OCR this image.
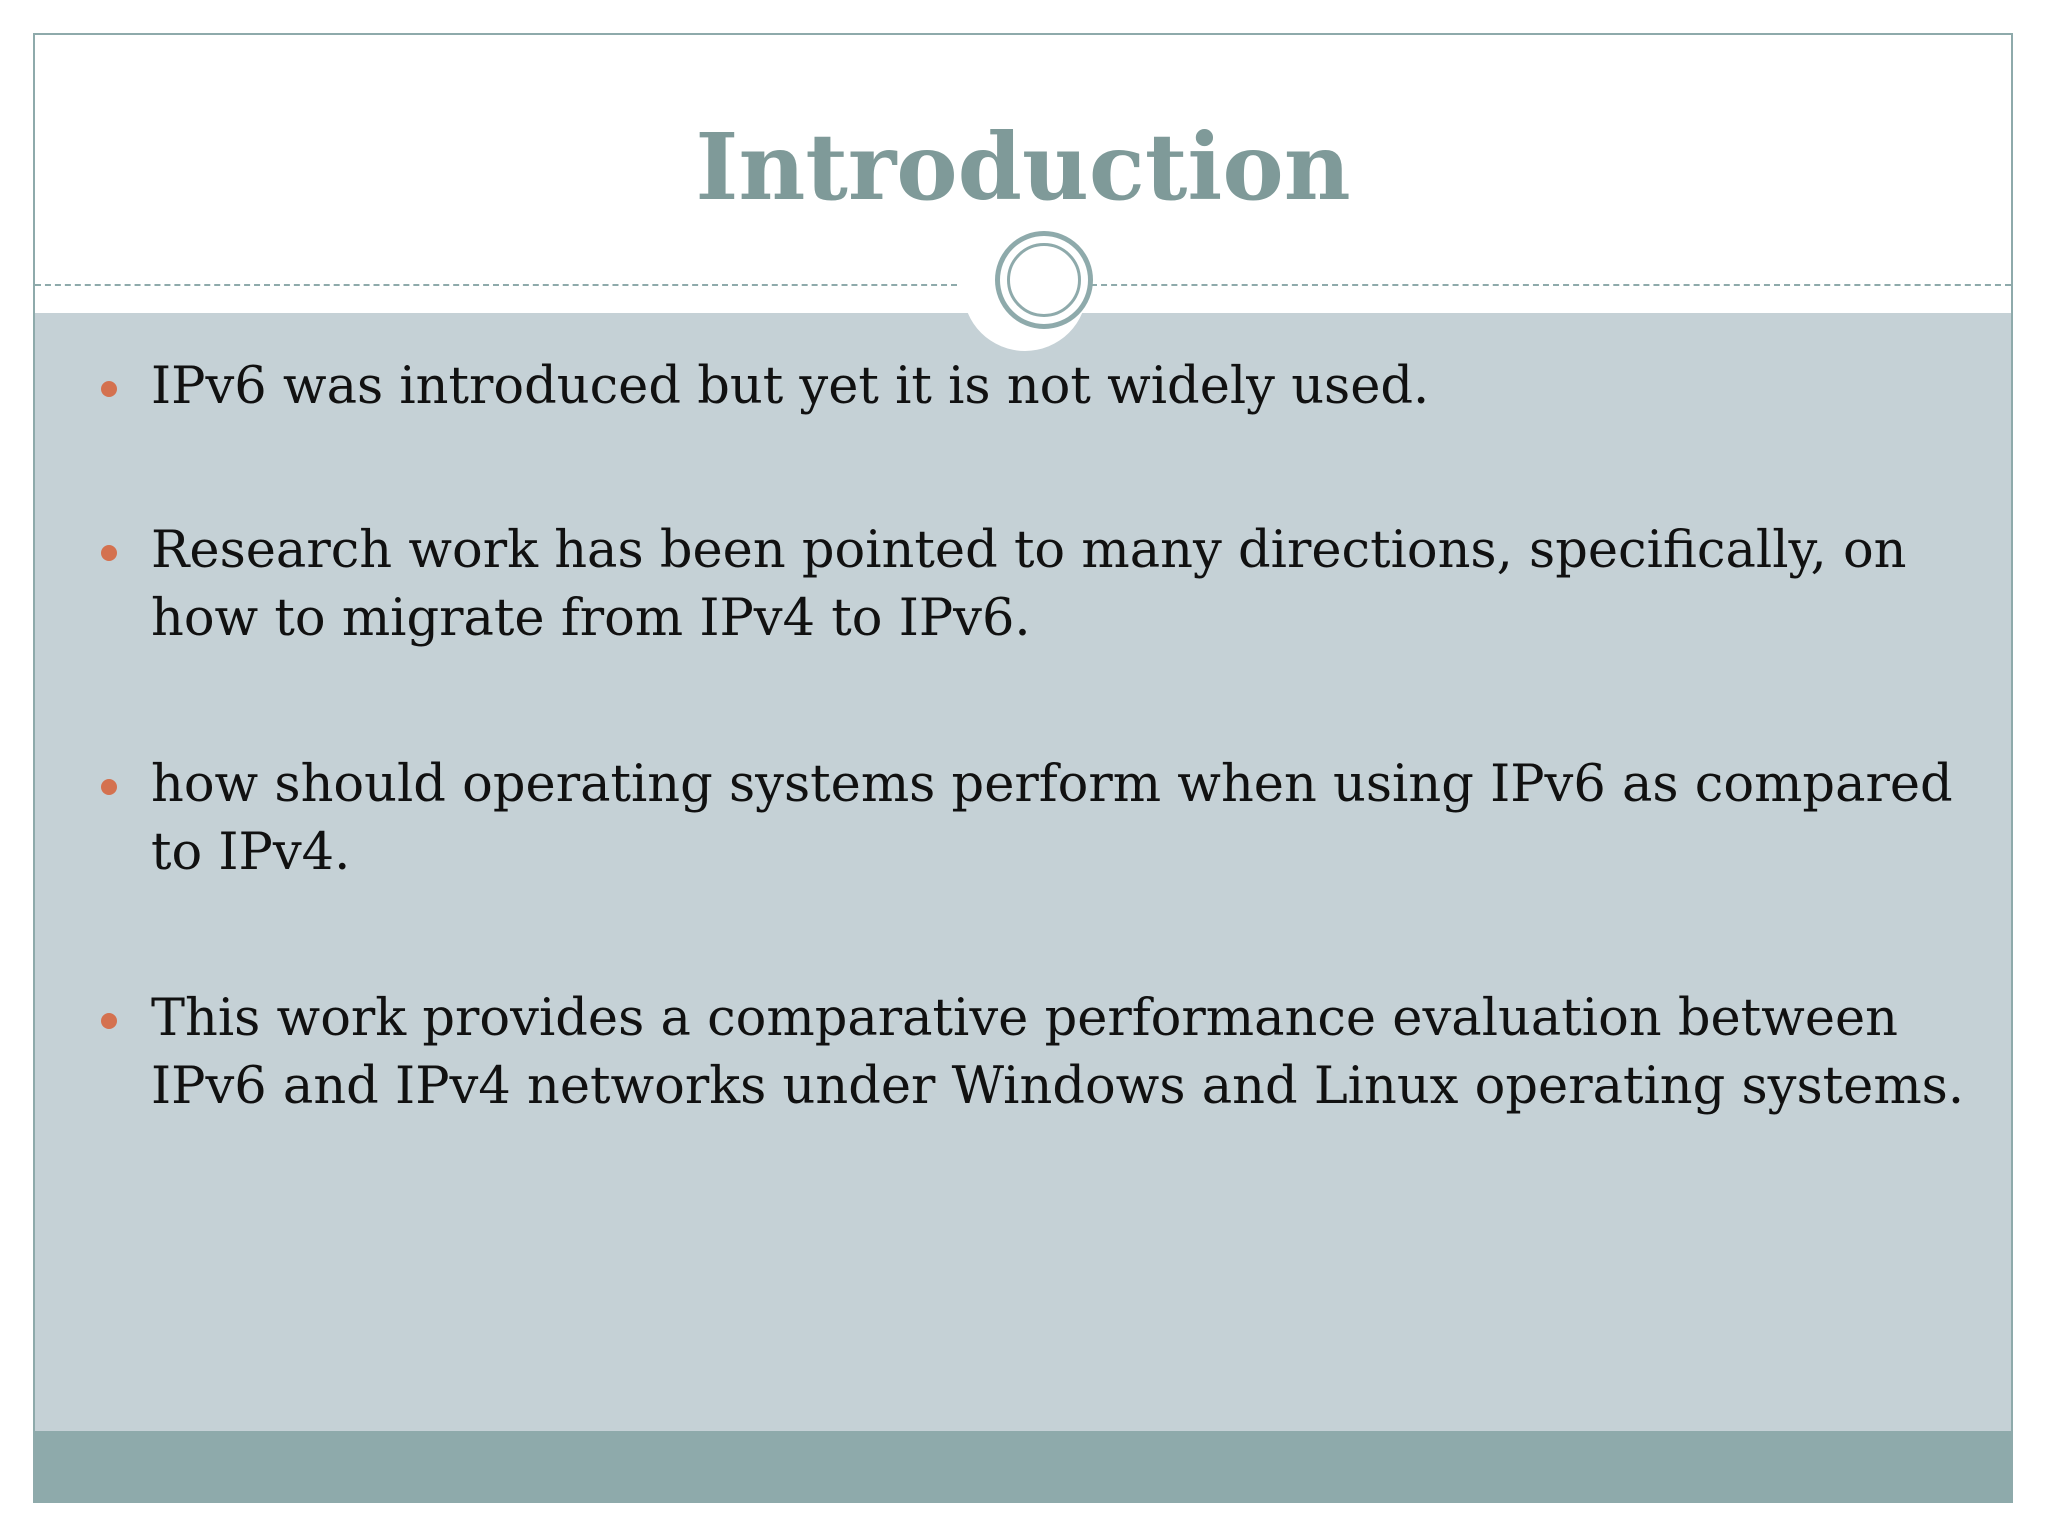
Introduction
IPv6 was introduced but yet it is not widely used.
Research work has been pointed to many directions, specifically, on how to migrate from IPv4 to IPv6.
how should operating systems perform when using IPv6 as compared to IPv4.
This work provides a comparative performance evaluation between IPv6 and IPv4 networks under Windows and Linux operating systems.
